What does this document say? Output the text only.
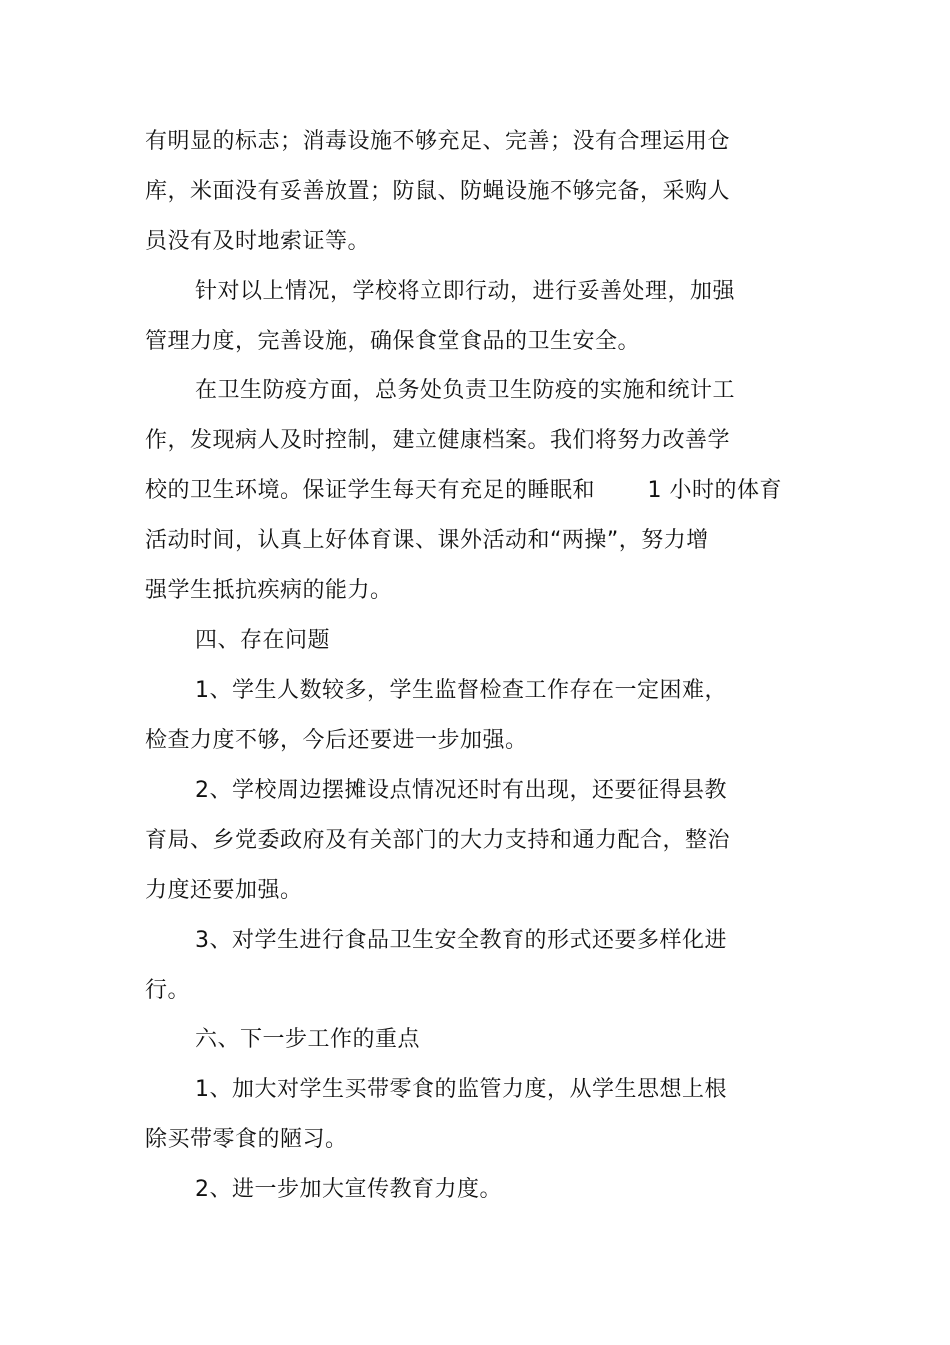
有明显的标志；消毒设施不够充足、完善；没有合理运用仓
库，米面没有妥善放置；防鼠、防蝇设施不够完备，采购人
员没有及时地索证等。
针对以上情况，学校将立即行动，进行妥善处理，加强
管理力度，完善设施，确保食堂食品的卫生安全。
在卫生防疫方面，总务处负责卫生防疫的实施和统计工
作，发现病人及时控制，建立健康档案。我们将努力改善学
校的卫生环境。保证学生每天有充足的睡眠和　　 1 小时的体育
活动时间，认真上好体育课、课外活动和“两操”，努力增
强学生抵抗疾病的能力。
四、存在问题
1、学生人数较多，学生监督检查工作存在一定困难，
检查力度不够，今后还要进一步加强。
2、学校周边摆摊设点情况还时有出现，还要征得县教
育局、乡党委政府及有关部门的大力支持和通力配合，整治
力度还要加强。
3、对学生进行食品卫生安全教育的形式还要多样化进
行。
六、下一步工作的重点
1、加大对学生买带零食的监管力度，从学生思想上根
除买带零食的陋习。
2、进一步加大宣传教育力度。
